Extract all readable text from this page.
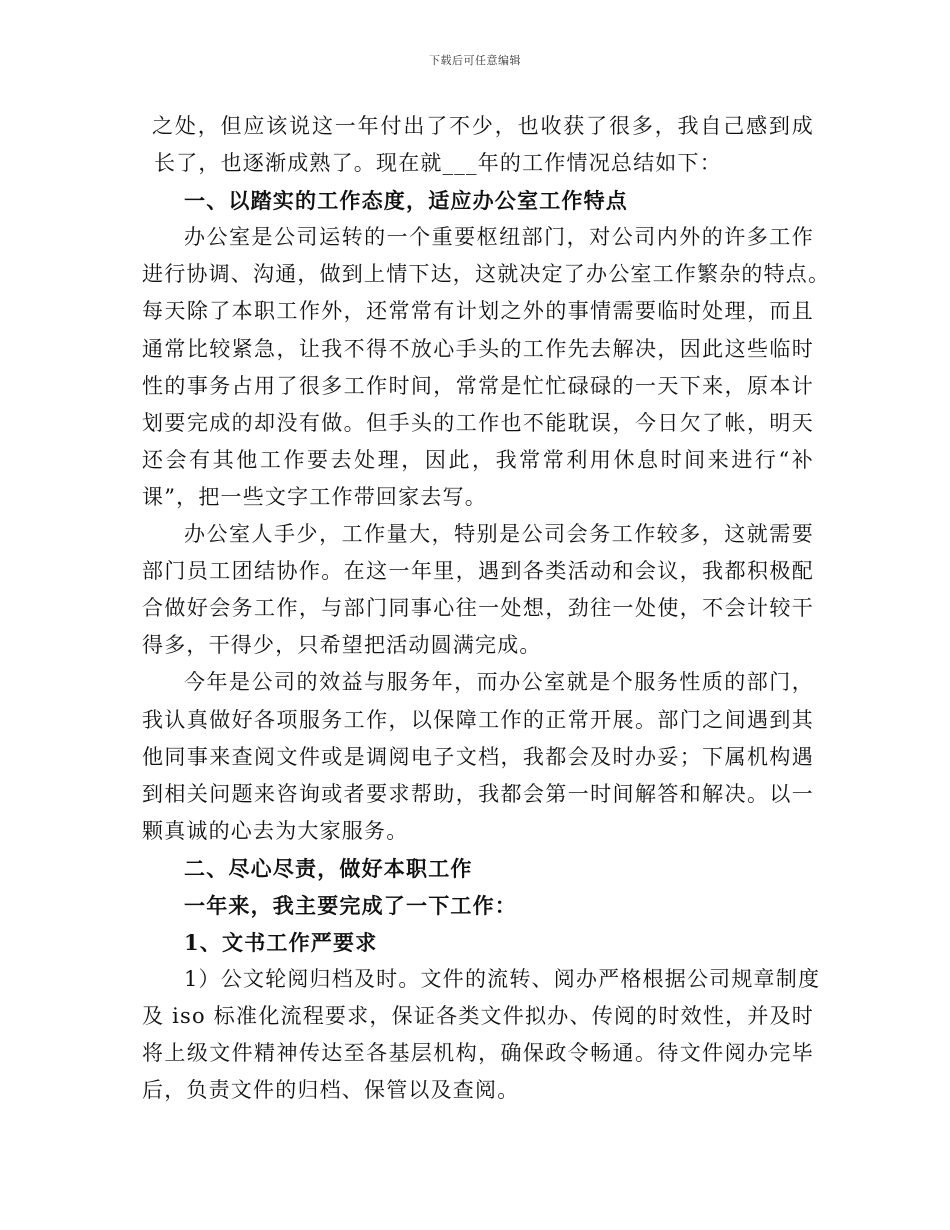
下载后可任意编辑
之处，但应该说这一年付出了不少，也收获了很多，我自己感到成
长了，也逐渐成熟了。现在就___年的工作情况总结如下：
一、以踏实的工作态度，适应办公室工作特点
办公室是公司运转的一个重要枢纽部门，对公司内外的许多工作
进行协调、沟通，做到上情下达，这就决定了办公室工作繁杂的特点。
每天除了本职工作外，还常常有计划之外的事情需要临时处理，而且
通常比较紧急，让我不得不放心手头的工作先去解决，因此这些临时
性的事务占用了很多工作时间，常常是忙忙碌碌的一天下来，原本计
划要完成的却没有做。但手头的工作也不能耽误，今日欠了帐，明天
还会有其他工作要去处理，因此，我常常利用休息时间来进行“补
课”，把一些文字工作带回家去写。
办公室人手少，工作量大，特别是公司会务工作较多，这就需要
部门员工团结协作。在这一年里，遇到各类活动和会议，我都积极配
合做好会务工作，与部门同事心往一处想，劲往一处使，不会计较干
得多，干得少，只希望把活动圆满完成。
今年是公司的效益与服务年，而办公室就是个服务性质的部门，
我认真做好各项服务工作，以保障工作的正常开展。部门之间遇到其
他同事来查阅文件或是调阅电子文档，我都会及时办妥；下属机构遇
到相关问题来咨询或者要求帮助，我都会第一时间解答和解决。以一
颗真诚的心去为大家服务。
二、尽心尽责，做好本职工作
一年来，我主要完成了一下工作：
1、文书工作严要求
1）公文轮阅归档及时。文件的流转、阅办严格根据公司规章制度
及 iso 标准化流程要求，保证各类文件拟办、传阅的时效性，并及时
将上级文件精神传达至各基层机构，确保政令畅通。待文件阅办完毕
后，负责文件的归档、保管以及查阅。
